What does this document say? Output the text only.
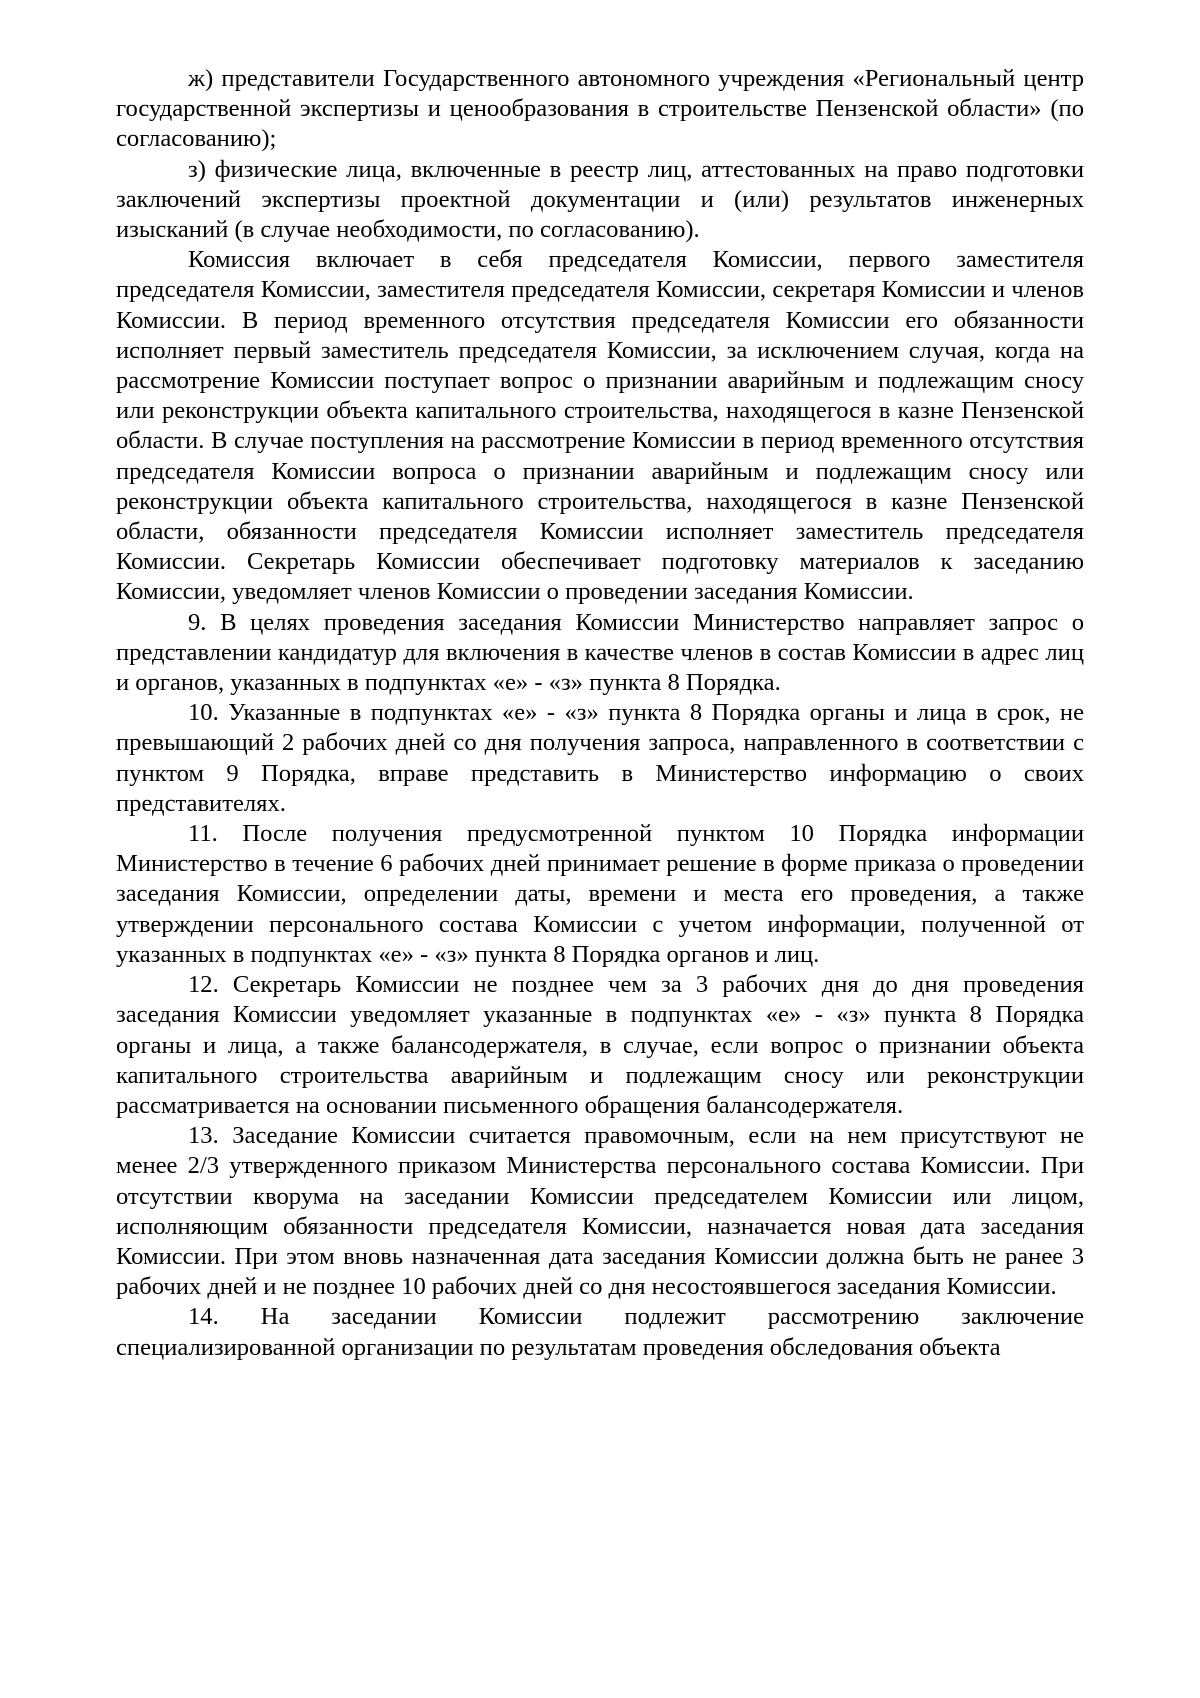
ж) представители Государственного автономного учреждения «Региональный центр государственной экспертизы и ценообразования в строительстве Пензенской области» (по согласованию);

з) физические лица, включенные в реестр лиц, аттестованных на право подготовки заключений экспертизы проектной документации и (или) результатов инженерных изысканий (в случае необходимости, по согласованию).

Комиссия включает в себя председателя Комиссии, первого заместителя председателя Комиссии, заместителя председателя Комиссии, секретаря Комиссии и членов Комиссии. В период временного отсутствия председателя Комиссии его обязанности исполняет первый заместитель председателя Комиссии, за исключением случая, когда на рассмотрение Комиссии поступает вопрос о признании аварийным и подлежащим сносу или реконструкции объекта капитального строительства, находящегося в казне Пензенской области. В случае поступления на рассмотрение Комиссии в период временного отсутствия председателя Комиссии вопроса о признании аварийным и подлежащим сносу или реконструкции объекта капитального строительства, находящегося в казне Пензенской области, обязанности председателя Комиссии исполняет заместитель председателя Комиссии. Секретарь Комиссии обеспечивает подготовку материалов к заседанию Комиссии, уведомляет членов Комиссии о проведении заседания Комиссии.

9. В целях проведения заседания Комиссии Министерство направляет запрос о представлении кандидатур для включения в качестве членов в состав Комиссии в адрес лиц и органов, указанных в подпунктах «е» - «з» пункта 8 Порядка.

10. Указанные в подпунктах «е» - «з» пункта 8 Порядка органы и лица в срок, не превышающий 2 рабочих дней со дня получения запроса, направленного в соответствии с пунктом 9 Порядка, вправе представить в Министерство информацию о своих представителях.

11. После получения предусмотренной пунктом 10 Порядка информации Министерство в течение 6 рабочих дней принимает решение в форме приказа о проведении заседания Комиссии, определении даты, времени и места его проведения, а также утверждении персонального состава Комиссии с учетом информации, полученной от указанных в подпунктах «е» - «з» пункта 8 Порядка органов и лиц.

12. Секретарь Комиссии не позднее чем за 3 рабочих дня до дня проведения заседания Комиссии уведомляет указанные в подпунктах «е» - «з» пункта 8 Порядка органы и лица, а также балансодержателя, в случае, если вопрос о признании объекта капитального строительства аварийным и подлежащим сносу или реконструкции рассматривается на основании письменного обращения балансодержателя.

13. Заседание Комиссии считается правомочным, если на нем присутствуют не менее 2/3 утвержденного приказом Министерства персонального состава Комиссии. При отсутствии кворума на заседании Комиссии председателем Комиссии или лицом, исполняющим обязанности председателя Комиссии, назначается новая дата заседания Комиссии. При этом вновь назначенная дата заседания Комиссии должна быть не ранее 3 рабочих дней и не позднее 10 рабочих дней со дня несостоявшегося заседания Комиссии.

14. На заседании Комиссии подлежит рассмотрению заключение специализированной организации по результатам проведения обследования объекта
